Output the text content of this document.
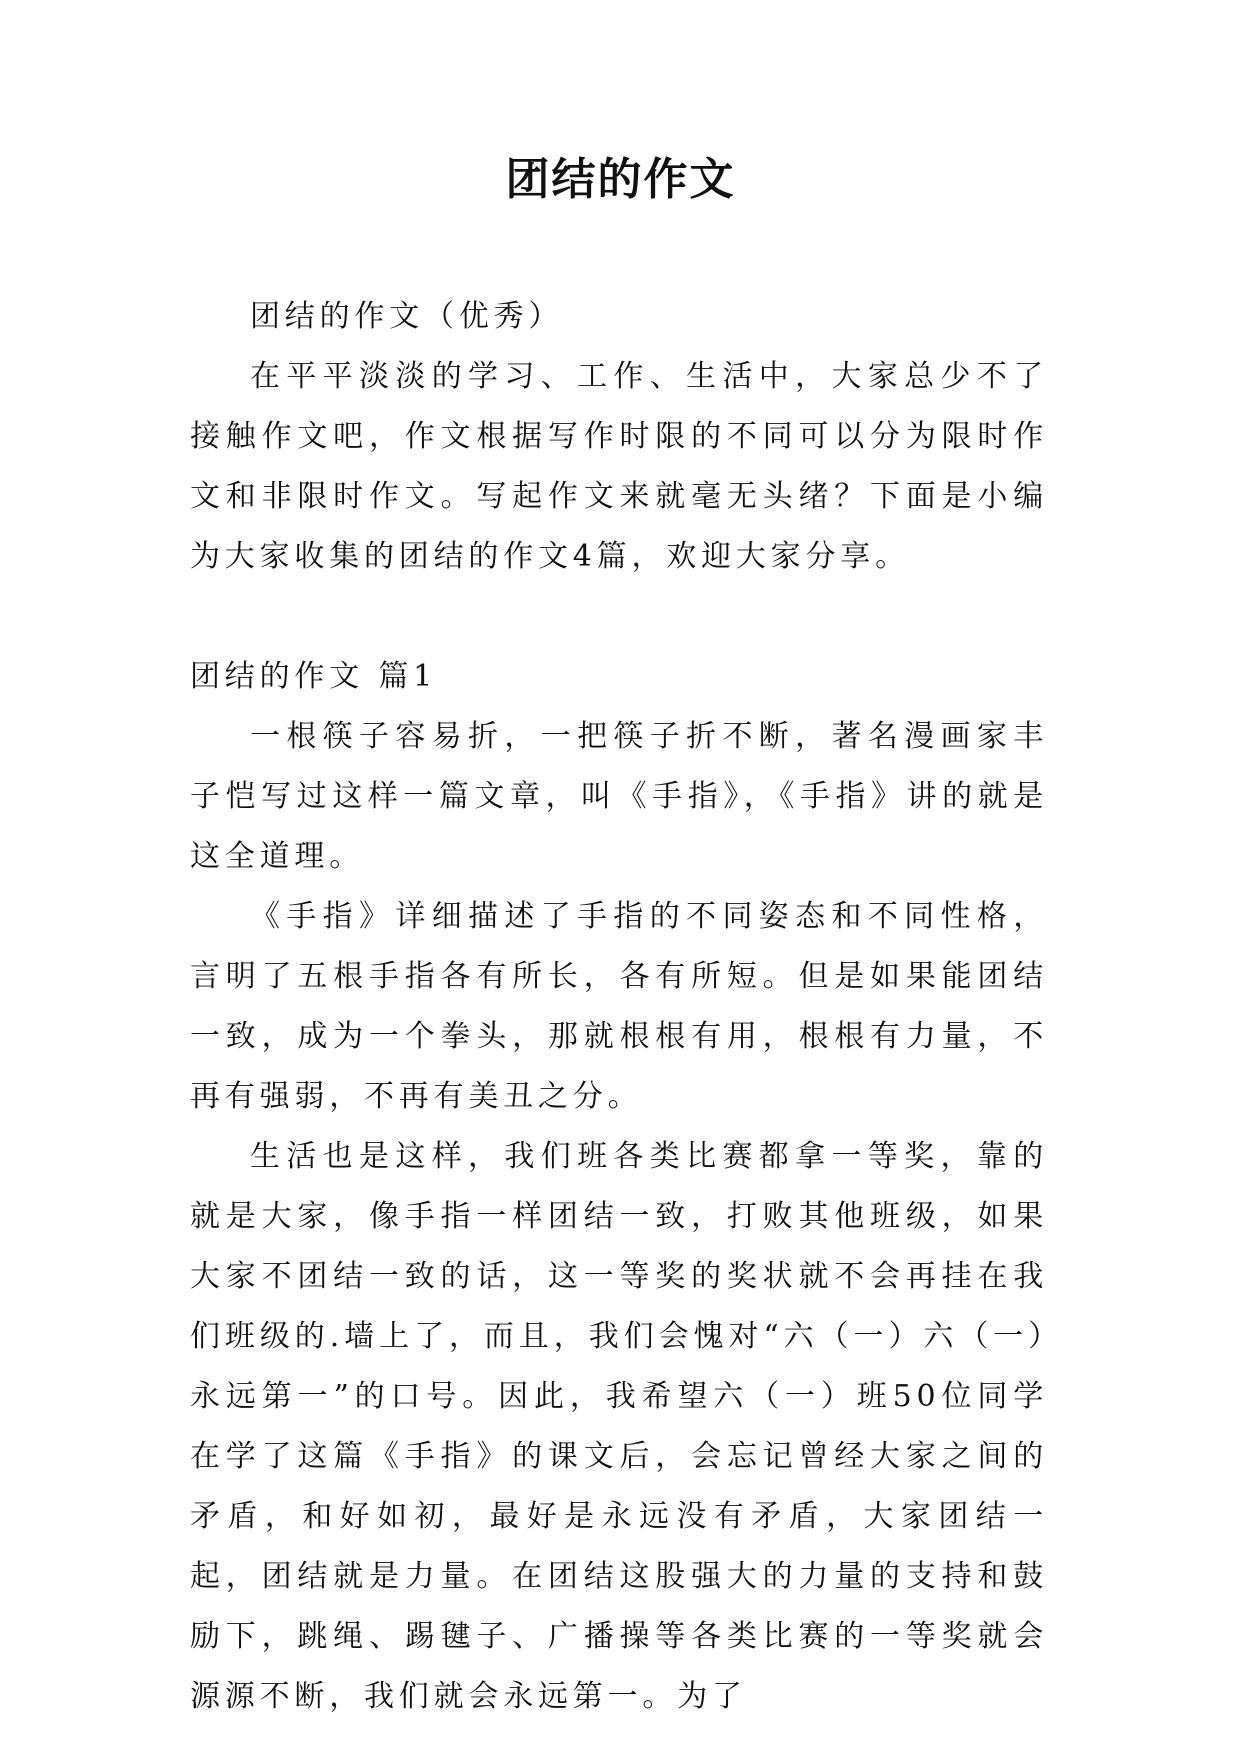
团结的作文

团结的作文（优秀）

在平平淡淡的学习、工作、生活中，大家总少不了接触作文吧，作文根据写作时限的不同可以分为限时作文和非限时作文。写起作文来就毫无头绪？下面是小编为大家收集的团结的作文4篇，欢迎大家分享。

团结的作文 篇1

一根筷子容易折，一把筷子折不断，著名漫画家丰子恺写过这样一篇文章，叫《手指》，《手指》讲的就是这全道理。

《手指》详细描述了手指的不同姿态和不同性格，言明了五根手指各有所长，各有所短。但是如果能团结一致，成为一个拳头，那就根根有用，根根有力量，不再有强弱，不再有美丑之分。

生活也是这样，我们班各类比赛都拿一等奖，靠的就是大家，像手指一样团结一致，打败其他班级，如果大家不团结一致的话，这一等奖的奖状就不会再挂在我们班级的.墙上了，而且，我们会愧对“六（一）六（一）永远第一”的口号。因此，我希望六（一）班50位同学在学了这篇《手指》的课文后，会忘记曾经大家之间的矛盾，和好如初，最好是永远没有矛盾，大家团结一起，团结就是力量。在团结这股强大的力量的支持和鼓励下，跳绳、踢毽子、广播操等各类比赛的一等奖就会源源不断，我们就会永远第一。为了
